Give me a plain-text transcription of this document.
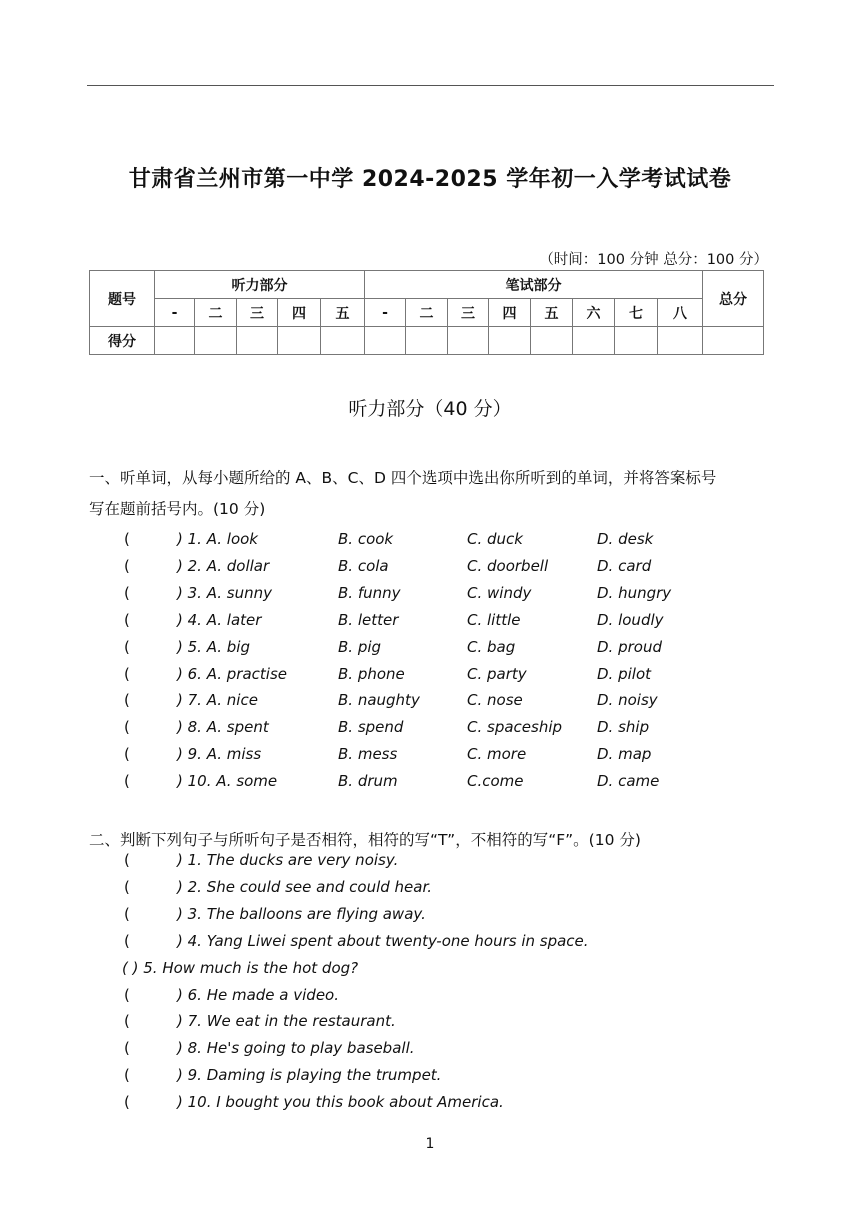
甘肃省兰州市第一中学 2024-2025 学年初一入学考试试卷
（时间：100 分钟 总分：100 分）
题号	听力部分					笔试部分								总分
	-	二	三	四	五	-	二	三	四	五	六	七	八	
得分														
听力部分（40 分）
一、听单词，从每小题所给的 A、B、C、D 四个选项中选出你所听到的单词，并将答案标号
写在题前括号内。(10 分)
(	) 1. A. look	B. cook	C. duck	D. desk
(	) 2. A. dollar	B. cola	C. doorbell	D. card
(	) 3. A. sunny	B. funny	C. windy	D. hungry
(	) 4. A. later	B. letter	C. little	D. loudly
(	) 5. A. big	B. pig	C. bag	D. proud
(	) 6. A. practise	B. phone	C. party	D. pilot
(	) 7. A. nice	B. naughty	C. nose	D. noisy
(	) 8. A. spent	B. spend	C. spaceship D. ship
(	) 9. A. miss	B. mess	C. more	D. map
(	) 10. A. some	B. drum	C.come	D. came
二、判断下列句子与所听句子是否相符，相符的写“T”，不相符的写“F”。(10 分)
(	) 1. The ducks are very noisy.
(	) 2. She could see and could hear.
(	) 3. The balloons are flying away.
(	) 4. Yang Liwei spent about twenty-one hours in space.
( ) 5. How much is the hot dog?
(	) 6. He made a video.
(	) 7. We eat in the restaurant.
(	) 8. He's going to play baseball.
(	) 9. Daming is playing the trumpet.
(	) 10. I bought you this book about America.
1
